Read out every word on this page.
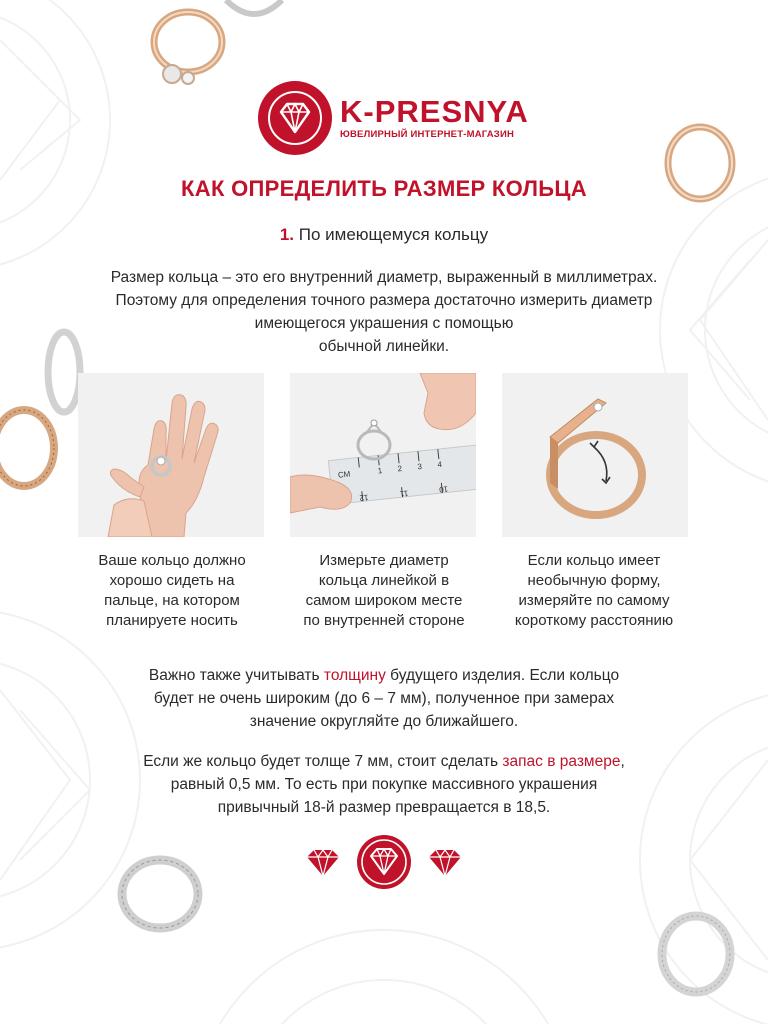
K-PRESNYA
ЮВЕЛИРНЫЙ ИНТЕРНЕТ-МАГАЗИН
КАК ОПРЕДЕЛИТЬ РАЗМЕР КОЛЬЦА
1. По имеющемуся кольцу
Размер кольца – это его внутренний диаметр, выраженный в миллиметрах.
Поэтому для определения точного размера достаточно измерить диаметр
имеющегося украшения с помощью
обычной линейки.
СМ	1 2 3 4
12	11	10
Ваше кольцо должно
хорошо сидеть на
пальце, на котором
планируете носить
Измерьте диаметр
кольца линейкой в
самом широком месте
по внутренней стороне
Если кольцо имеет
необычную форму,
измеряйте по самому
короткому расстоянию
Важно также учитывать толщину будущего изделия. Если кольцо
будет не очень широким (до 6 – 7 мм), полученное при замерах
значение округляйте до ближайшего.
Если же кольцо будет толще 7 мм, стоит сделать запас в размере,
равный 0,5 мм. То есть при покупке массивного украшения
привычный 18-й размер превращается в 18,5.
